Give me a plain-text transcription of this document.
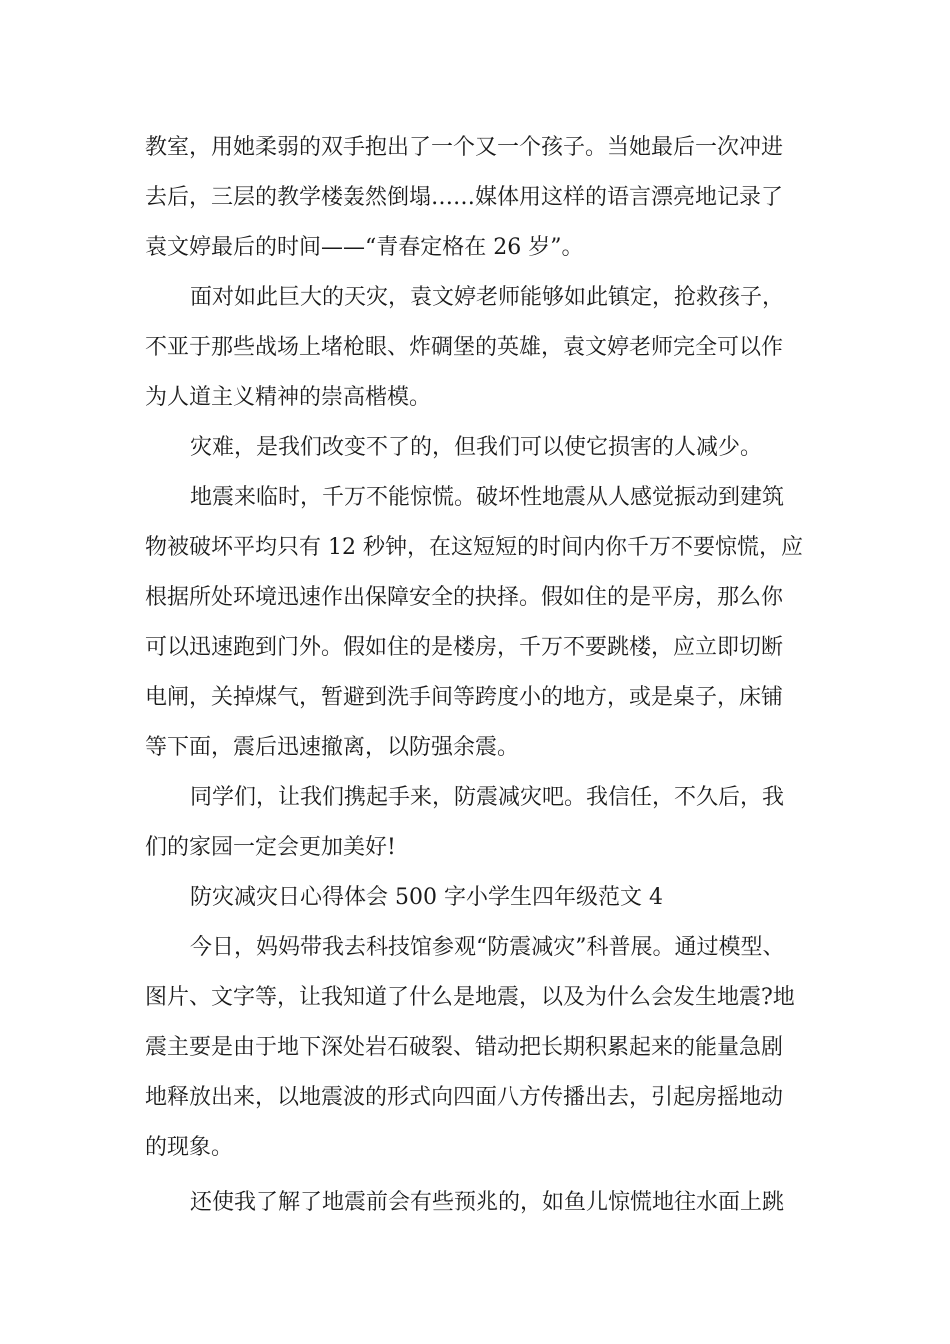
教室，用她柔弱的双手抱出了一个又一个孩子。当她最后一次冲进
去后，三层的教学楼轰然倒塌……媒体用这样的语言漂亮地记录了
袁文婷最后的时间——“青春定格在 26 岁”。
面对如此巨大的天灾，袁文婷老师能够如此镇定，抢救孩子，
不亚于那些战场上堵枪眼、炸碉堡的英雄，袁文婷老师完全可以作
为人道主义精神的崇高楷模。
灾难，是我们改变不了的，但我们可以使它损害的人减少。
地震来临时，千万不能惊慌。破坏性地震从人感觉振动到建筑
物被破坏平均只有 12 秒钟，在这短短的时间内你千万不要惊慌，应
根据所处环境迅速作出保障安全的抉择。假如住的是平房，那么你
可以迅速跑到门外。假如住的是楼房，千万不要跳楼，应立即切断
电闸，关掉煤气，暂避到洗手间等跨度小的地方，或是桌子，床铺
等下面，震后迅速撤离，以防强余震。
同学们，让我们携起手来，防震减灾吧。我信任，不久后，我
们的家园一定会更加美好!
防灾减灾日心得体会 500 字小学生四年级范文 4
今日，妈妈带我去科技馆参观“防震减灾”科普展。通过模型、
图片、文字等，让我知道了什么是地震，以及为什么会发生地震?地
震主要是由于地下深处岩石破裂、错动把长期积累起来的能量急剧
地释放出来，以地震波的形式向四面八方传播出去，引起房摇地动
的现象。
还使我了解了地震前会有些预兆的，如鱼儿惊慌地往水面上跳
